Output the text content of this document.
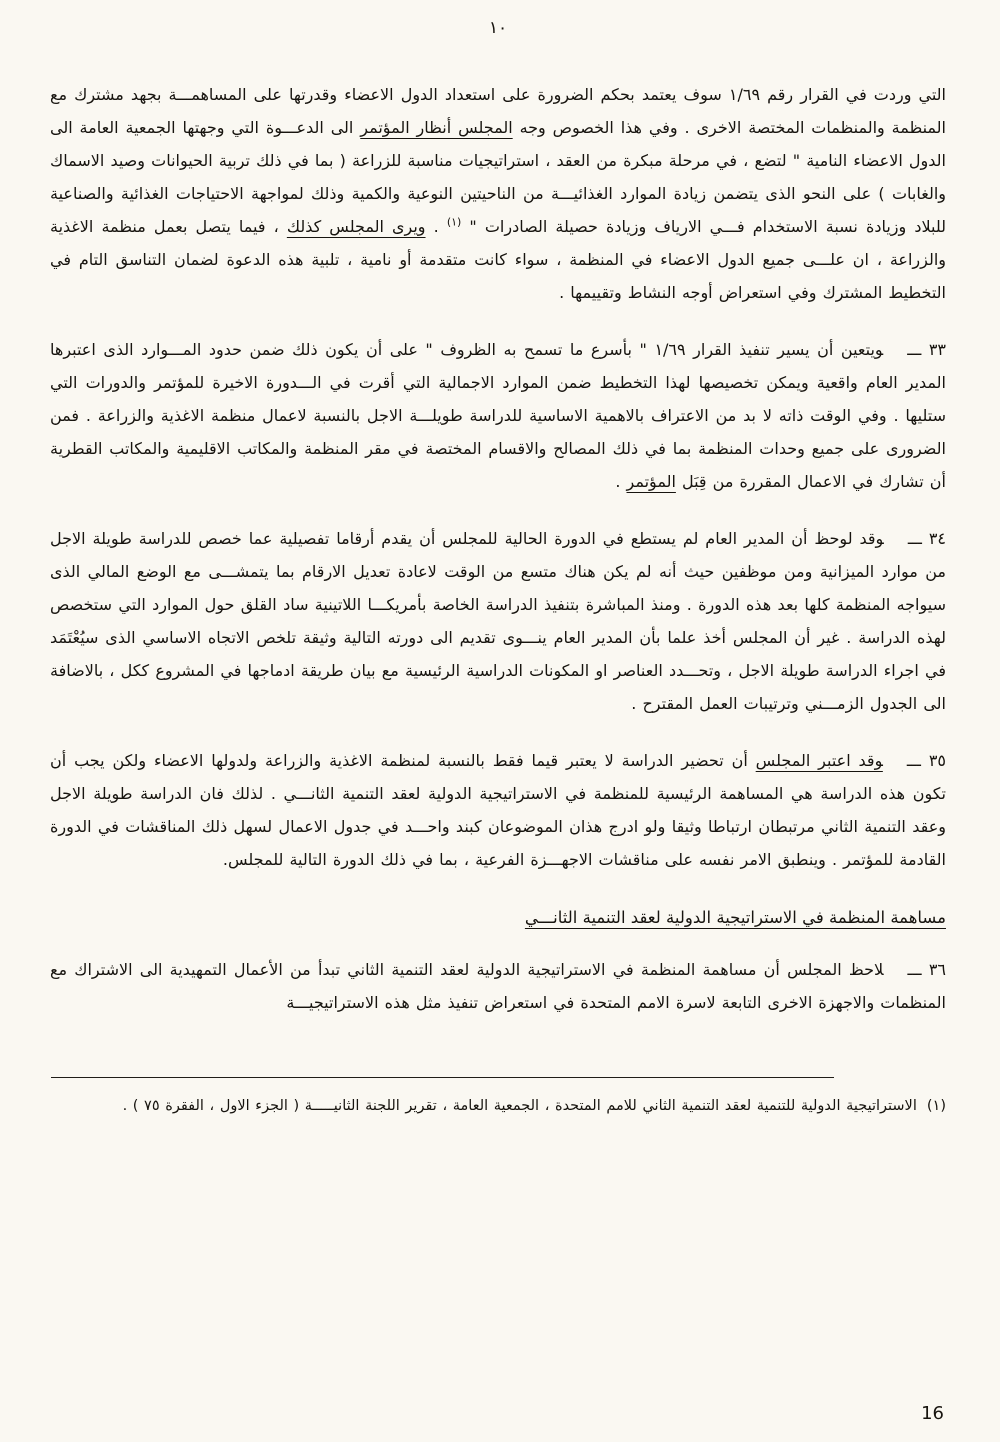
١٠

التي وردت في القرار رقم ١/٦٩ سوف يعتمد بحكم الضرورة على استعداد الدول الاعضاء وقدرتها على المساهمـــة بجهد مشترك مع المنظمة والمنظمات المختصة الاخرى . وفي هذا الخصوص وجه المجلس أنظار المؤتمر الى الدعـــوة التي وجهتها الجمعية العامة الى الدول الاعضاء النامية " لتضع ، في مرحلة مبكرة من العقد ، استراتيجيات مناسبة للزراعة ( بما في ذلك تربية الحيوانات وصيد الاسماك والغابات ) على النحو الذى يتضمن زيادة الموارد الغذائيـــة من الناحيتين النوعية والكمية وذلك لمواجهة الاحتياجات الغذائية والصناعية للبلاد وزيادة نسبة الاستخدام فـــي الارياف وزيادة حصيلة الصادرات " $^{(١)}$ . ويرى المجلس كذلك ، فيما يتصل بعمل منظمة الاغذية والزراعة ، ان علـــى جميع الدول الاعضاء في المنظمة ، سواء كانت متقدمة أو نامية ، تلبية هذه الدعوة لضمان التناسق التام في التخطيط المشترك وفي استعراض أوجه النشاط وتقييمها .

٣٣ ـــويتعين أن يسير تنفيذ القرار ١/٦٩ " بأسرع ما تسمح به الظروف " على أن يكون ذلك ضمن حدود المـــوارد الذى اعتبرها المدير العام واقعية ويمكن تخصيصها لهذا التخطيط ضمن الموارد الاجمالية التي أقرت في الـــدورة الاخيرة للمؤتمر والدورات التي ستليها . وفي الوقت ذاته لا بد من الاعتراف بالاهمية الاساسية للدراسة طويلـــة الاجل بالنسبة لاعمال منظمة الاغذية والزراعة . فمن الضرورى على جميع وحدات المنظمة بما في ذلك المصالح والاقسام المختصة في مقر المنظمة والمكاتب الاقليمية والمكاتب القطرية أن تشارك في الاعمال المقررة من قِبَل المؤتمر .

٣٤ ـــوقد لوحظ أن المدير العام لم يستطع في الدورة الحالية للمجلس أن يقدم أرقاما تفصيلية عما خصص للدراسة طويلة الاجل من موارد الميزانية ومن موظفين حيث أنه لم يكن هناك متسع من الوقت لاعادة تعديل الارقام بما يتمشـــى مع الوضع المالي الذى سيواجه المنظمة كلها بعد هذه الدورة . ومنذ المباشرة بتنفيذ الدراسة الخاصة بأمريكـــا اللاتينية ساد القلق حول الموارد التي ستخصص لهذه الدراسة . غير أن المجلس أخذ علما بأن المدير العام ينـــوى تقديم الى دورته التالية وثيقة تلخص الاتجاه الاساسي الذى سيُعْتَمَد في اجراء الدراسة طويلة الاجل ، وتحـــدد العناصر او المكونات الدراسية الرئيسية مع بيان طريقة ادماجها في المشروع ككل ، بالاضافة الى الجدول الزمـــني وترتيبات العمل المقترح .

٣٥ ـــوقد اعتبر المجلس أن تحضير الدراسة لا يعتبر قيما فقط بالنسبة لمنظمة الاغذية والزراعة ولدولها الاعضاء ولكن يجب أن تكون هذه الدراسة هي المساهمة الرئيسية للمنظمة في الاستراتيجية الدولية لعقد التنمية الثانـــي . لذلك فان الدراسة طويلة الاجل وعقد التنمية الثاني مرتبطان ارتباطا وثيقا ولو ادرج هذان الموضوعان كبند واحـــد في جدول الاعمال لسهل ذلك المناقشات في الدورة القادمة للمؤتمر . وينطبق الامر نفسه على مناقشات الاجهـــزة الفرعية ، بما في ذلك الدورة التالية للمجلس.

مساهمة المنظمة في الاستراتيجية الدولية لعقد التنمية الثانـــي

٣٦ ـــلاحظ المجلس أن مساهمة المنظمة في الاستراتيجية الدولية لعقد التنمية الثاني تبدأ من الأعمال التمهيدية الى الاشتراك مع المنظمات والاجهزة الاخرى التابعة لاسرة الامم المتحدة في استعراض تنفيذ مثل هذه الاستراتيجيـــة

(١)الاستراتيجية الدولية للتنمية لعقد التنمية الثاني للامم المتحدة ، الجمعية العامة ، تقرير اللجنة الثانيـــــة ( الجزء الاول ، الفقرة ٧٥ ) .
16
